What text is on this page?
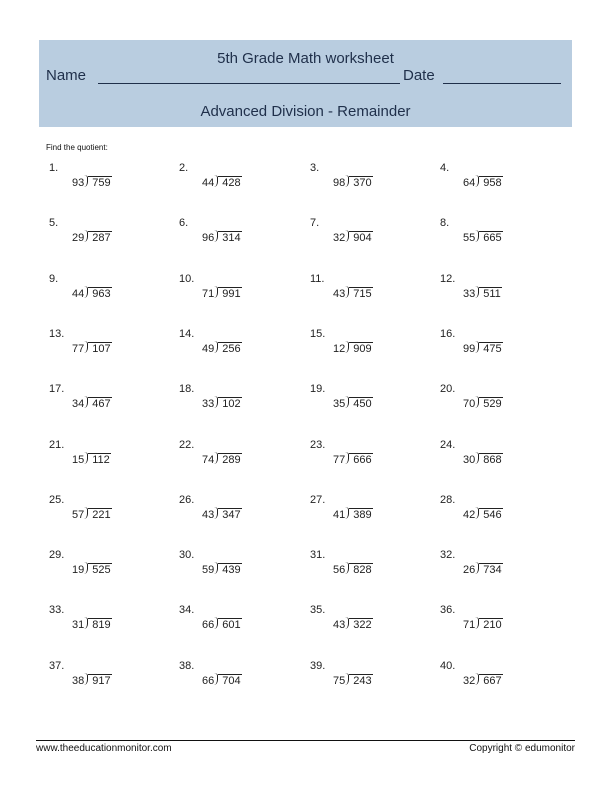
5th Grade Math worksheet
Name	Date
Advanced Division - Remainder
Find the quotient:
1.
93 759
2.
44 428
3.
98 370
4.
64 958
5.
29 287
6.
96 314
7.
32 904
8.
55 665
9.
44 963
10.
71 991
11.
43 715
12.
33 511
13.
77 107
14.
49 256
15.
12 909
16.
99 475
17.
34 467
18.
33 102
19.
35 450
20.
70 529
21.
15 112
22.
74 289
23.
77 666
24.
30 868
25.
57 221
26.
43 347
27.
41 389
28.
42 546
29.
19 525
30.
59 439
31.
56 828
32.
26 734
33.
31 819
34.
66 601
35.
43 322
36.
71 210
37.
38 917
38.
66 704
39.
75 243
40.
32 667
www.theeducationmonitor.com	Copyright © edumonitor
